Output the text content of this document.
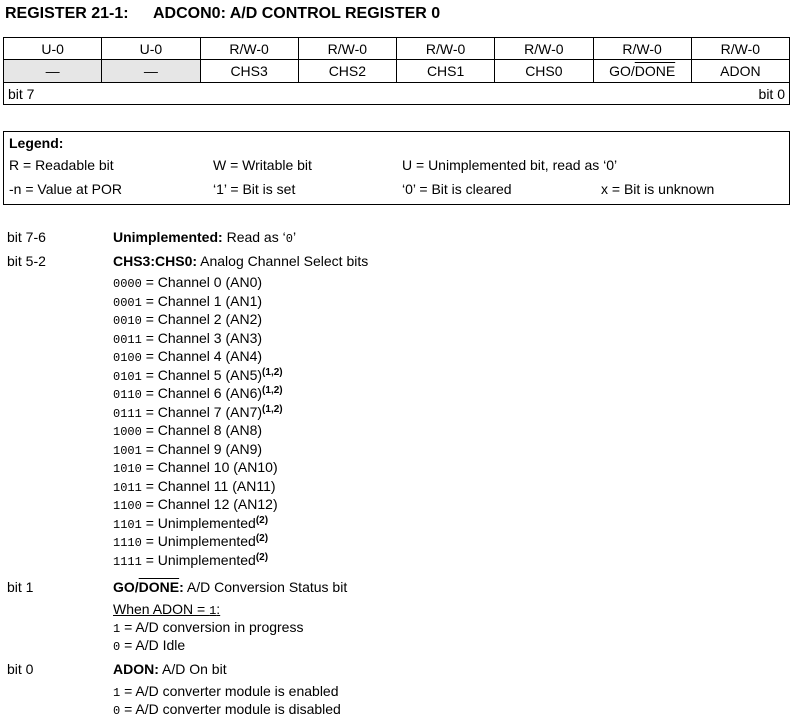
REGISTER 21-1: ADCON0: A/D CONTROL REGISTER 0
U-0	U-0	R/W-0	R/W-0	R/W-0	R/W-0	R/W-0	R/W-0
—	—	CHS3	CHS2	CHS1	CHS0	GO/DONE	ADON
bit 7 bit 0							
Legend:
R = Readable bit	W = Writable bit	U = Unimplemented bit, read as ‘0’
-n = Value at POR	‘1’ = Bit is set	‘0’ = Bit is cleared	x = Bit is unknown
bit 7-6	Unimplemented: Read as ‘0’
bit 5-2	CHS3:CHS0: Analog Channel Select bits
0000 = Channel 0 (AN0)
0001 = Channel 1 (AN1)
0010 = Channel 2 (AN2)
0011 = Channel 3 (AN3)
0100 = Channel 4 (AN4)
0101 = Channel 5 $(AN5)^{(1,2)}$
0110 = Channel 6 $(AN6)^{(1,2)}$
0111 = Channel 7 $(AN7)^{(1,2)}$
1000 = Channel 8 (AN8)
1001 = Channel 9 (AN9)
1010 = Channel 10 (AN10)
1011 = Channel 11 (AN11)
1100 = Channel 12 (AN12)
1101 = Unimplemented$^{(2)}$
1110 = Unimplemented$^{(2)}$
1111 = Unimplemented$^{(2)}$
bit 1	GO/DONE: A/D Conversion Status bit
When ADON = 1:
1 = A/D conversion in progress
0 = A/D Idle
bit 0	ADON: A/D On bit
1 = A/D converter module is enabled
0 = A/D converter module is disabled
